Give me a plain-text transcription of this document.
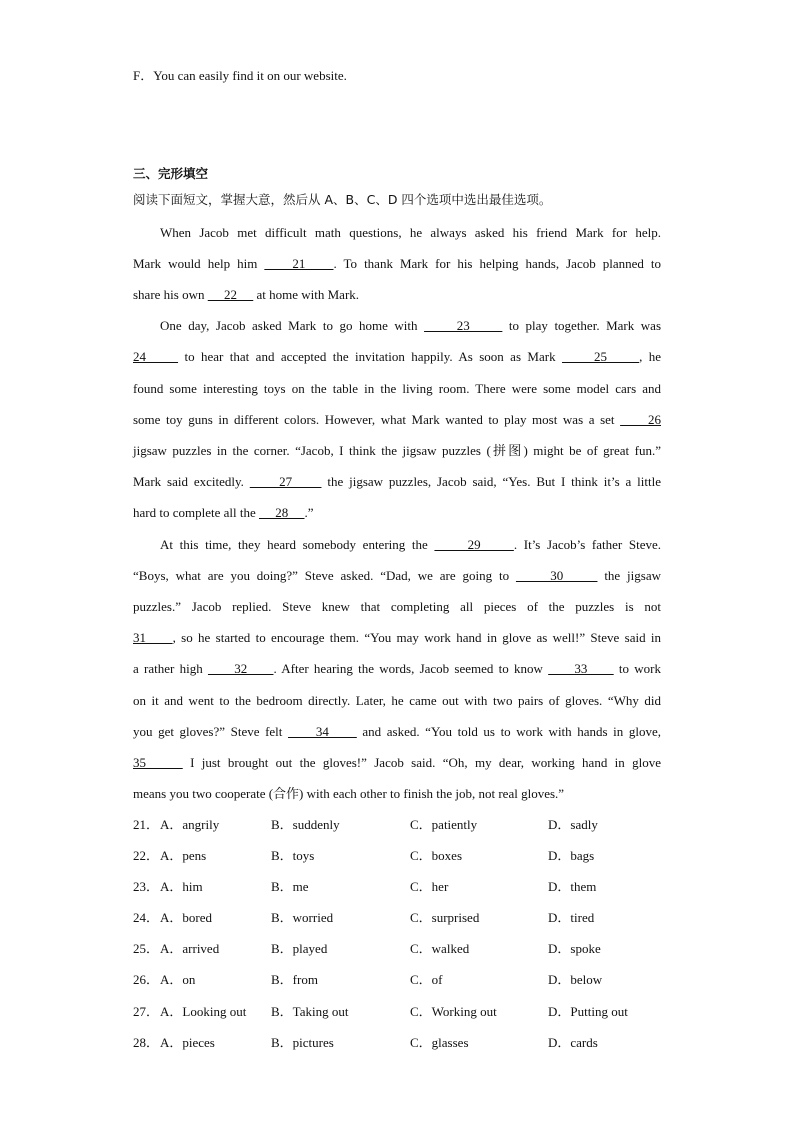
F．You can easily find it on our website.
三、完形填空
阅读下面短文，掌握大意，然后从 A、B、C、D 四个选项中选出最佳选项。
When Jacob met difficult math questions, he always asked his friend Mark for help.
Mark would help him     21    . To thank Mark for his helping hands, Jacob planned to
share his own      22      at home with Mark.
One day, Jacob asked Mark to go home with      23      to play together. Mark was
24      to hear that and accepted the invitation happily. As soon as Mark      25     , he
found some interesting toys on the table in the living room. There were some model cars and
some toy guns in different colors. However, what Mark wanted to play most was a set      26
jigsaw puzzles in the corner. “Jacob, I think the jigsaw puzzles (拼图) might be of great fun.”
Mark said excitedly.      27      the jigsaw puzzles, Jacob said, “Yes. But I think it’s a little
hard to complete all the      28     .”
At this time, they heard somebody entering the      29     . It’s Jacob’s father Steve.
“Boys, what are you doing?” Steve asked. “Dad, we are going to      30      the jigsaw
puzzles.” Jacob replied. Steve knew that completing all pieces of the puzzles is not
31     , so he started to encourage them. “You may work hand in glove as well!” Steve said in
a rather high      32     . After hearing the words, Jacob seemed to know      33      to work
on it and went to the bedroom directly. Later, he came out with two pairs of gloves. “Why did
you get gloves?” Steve felt      34      and asked. “You told us to work with hands in glove,
35      I just brought out the gloves!” Jacob said. “Oh, my dear, working hand in glove
means you two cooperate (合作) with each other to finish the job, not real gloves.”
21． A．angrily	B．suddenly	C．patiently	D．sadly
22． A．pens	B．toys	C．boxes	D．bags
23． A．him	B．me	C．her	D．them
24． A．bored	B．worried	C．surprised	D．tired
25． A．arrived	B．played	C．walked	D．spoke
26． A．on	B．from	C．of	D．below
27． A．Looking out B．Taking out	C．Working out	D．Putting out
28． A．pieces	B．pictures	C．glasses	D．cards
